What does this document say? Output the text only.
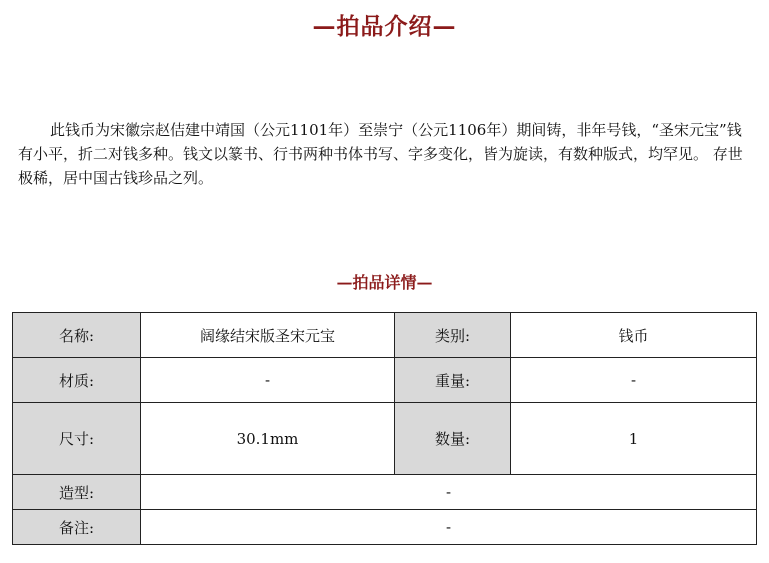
—拍品介绍—
此钱币为宋徽宗赵佶建中靖国（公元1101年）至崇宁（公元1106年）期间铸，非年号钱，“圣宋元宝”钱有小平，折二对钱多种。钱文以篆书、行书两种书体书写、字多变化，皆为旋读，有数种版式，均罕见。 存世极稀，居中国古钱珍品之列。
—拍品详情—
名称:	阔缘结宋版圣宋元宝	类别:	钱币
材质:	-	重量:	-
尺寸:	30.1mm	数量:	1
造型:	-		
备注:	-		
